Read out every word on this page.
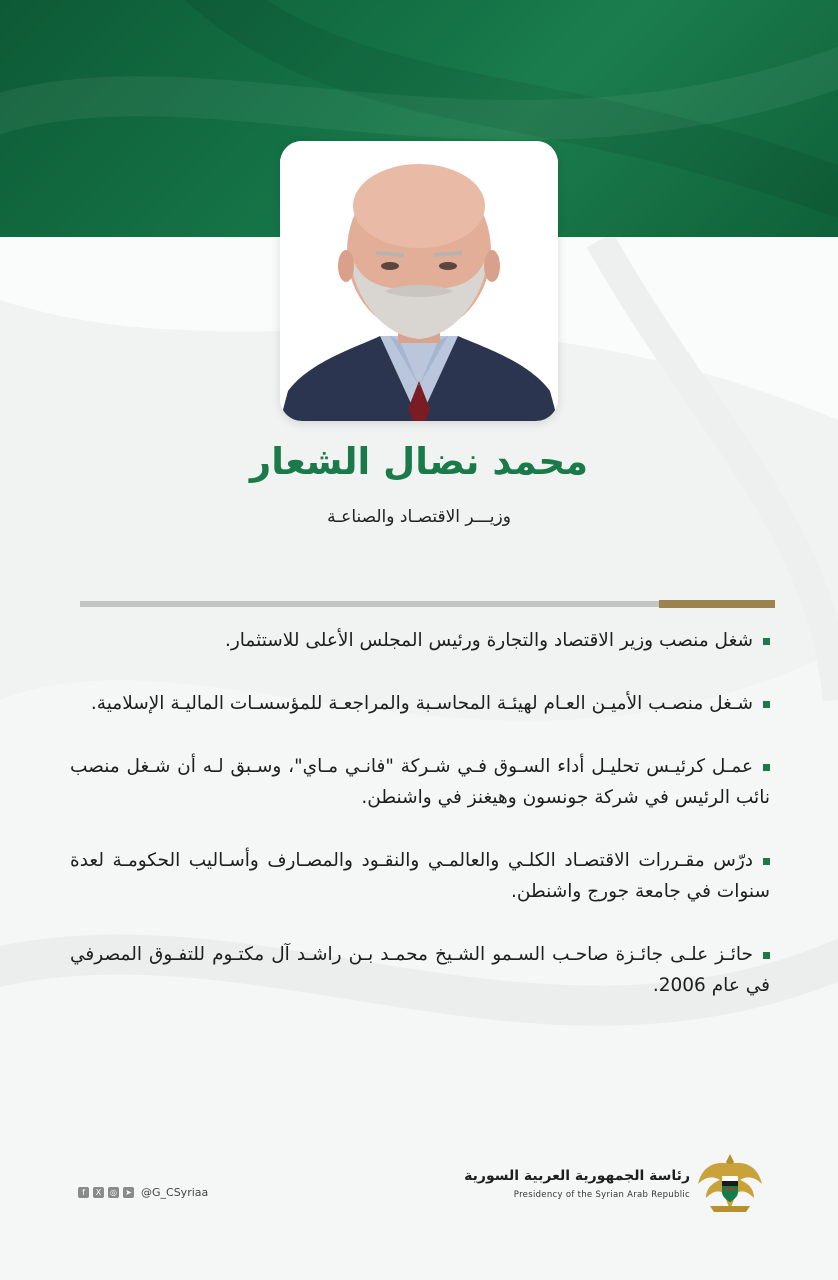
محمد نضال الشعار
وزيـــر الاقتصـاد والصناعـة
شغل منصب وزير الاقتصاد والتجارة ورئيس المجلس الأعلى للاستثمار.
شـغل منصـب الأميـن العـام لهيئـة المحاسـبة والمراجعـة للمؤسسـات الماليـة الإسلامية.
عمـل كرئيـس تحليـل أداء السـوق فـي شـركة "فانـي مـاي"، وسـبق لـه أن شـغل منصب نائب الرئيس في شركة جونسون وهيغنز في واشنطن.
درّس مقـررات الاقتصـاد الكلـي والعالمـي والنقـود والمصـارف وأسـاليب الحكومـة لعدة سنوات في جامعة جورج واشنطن.
حائـز علـى جائـزة صاحـب السـمو الشـيخ محمـد بـن راشـد آل مكتـوم للتفـوق المصرفي في عام 2006.
f	X	◎ ➤ @G_CSyriaa
رئاسة الجمهورية العربية السورية
Presidency of the Syrian Arab Republic
